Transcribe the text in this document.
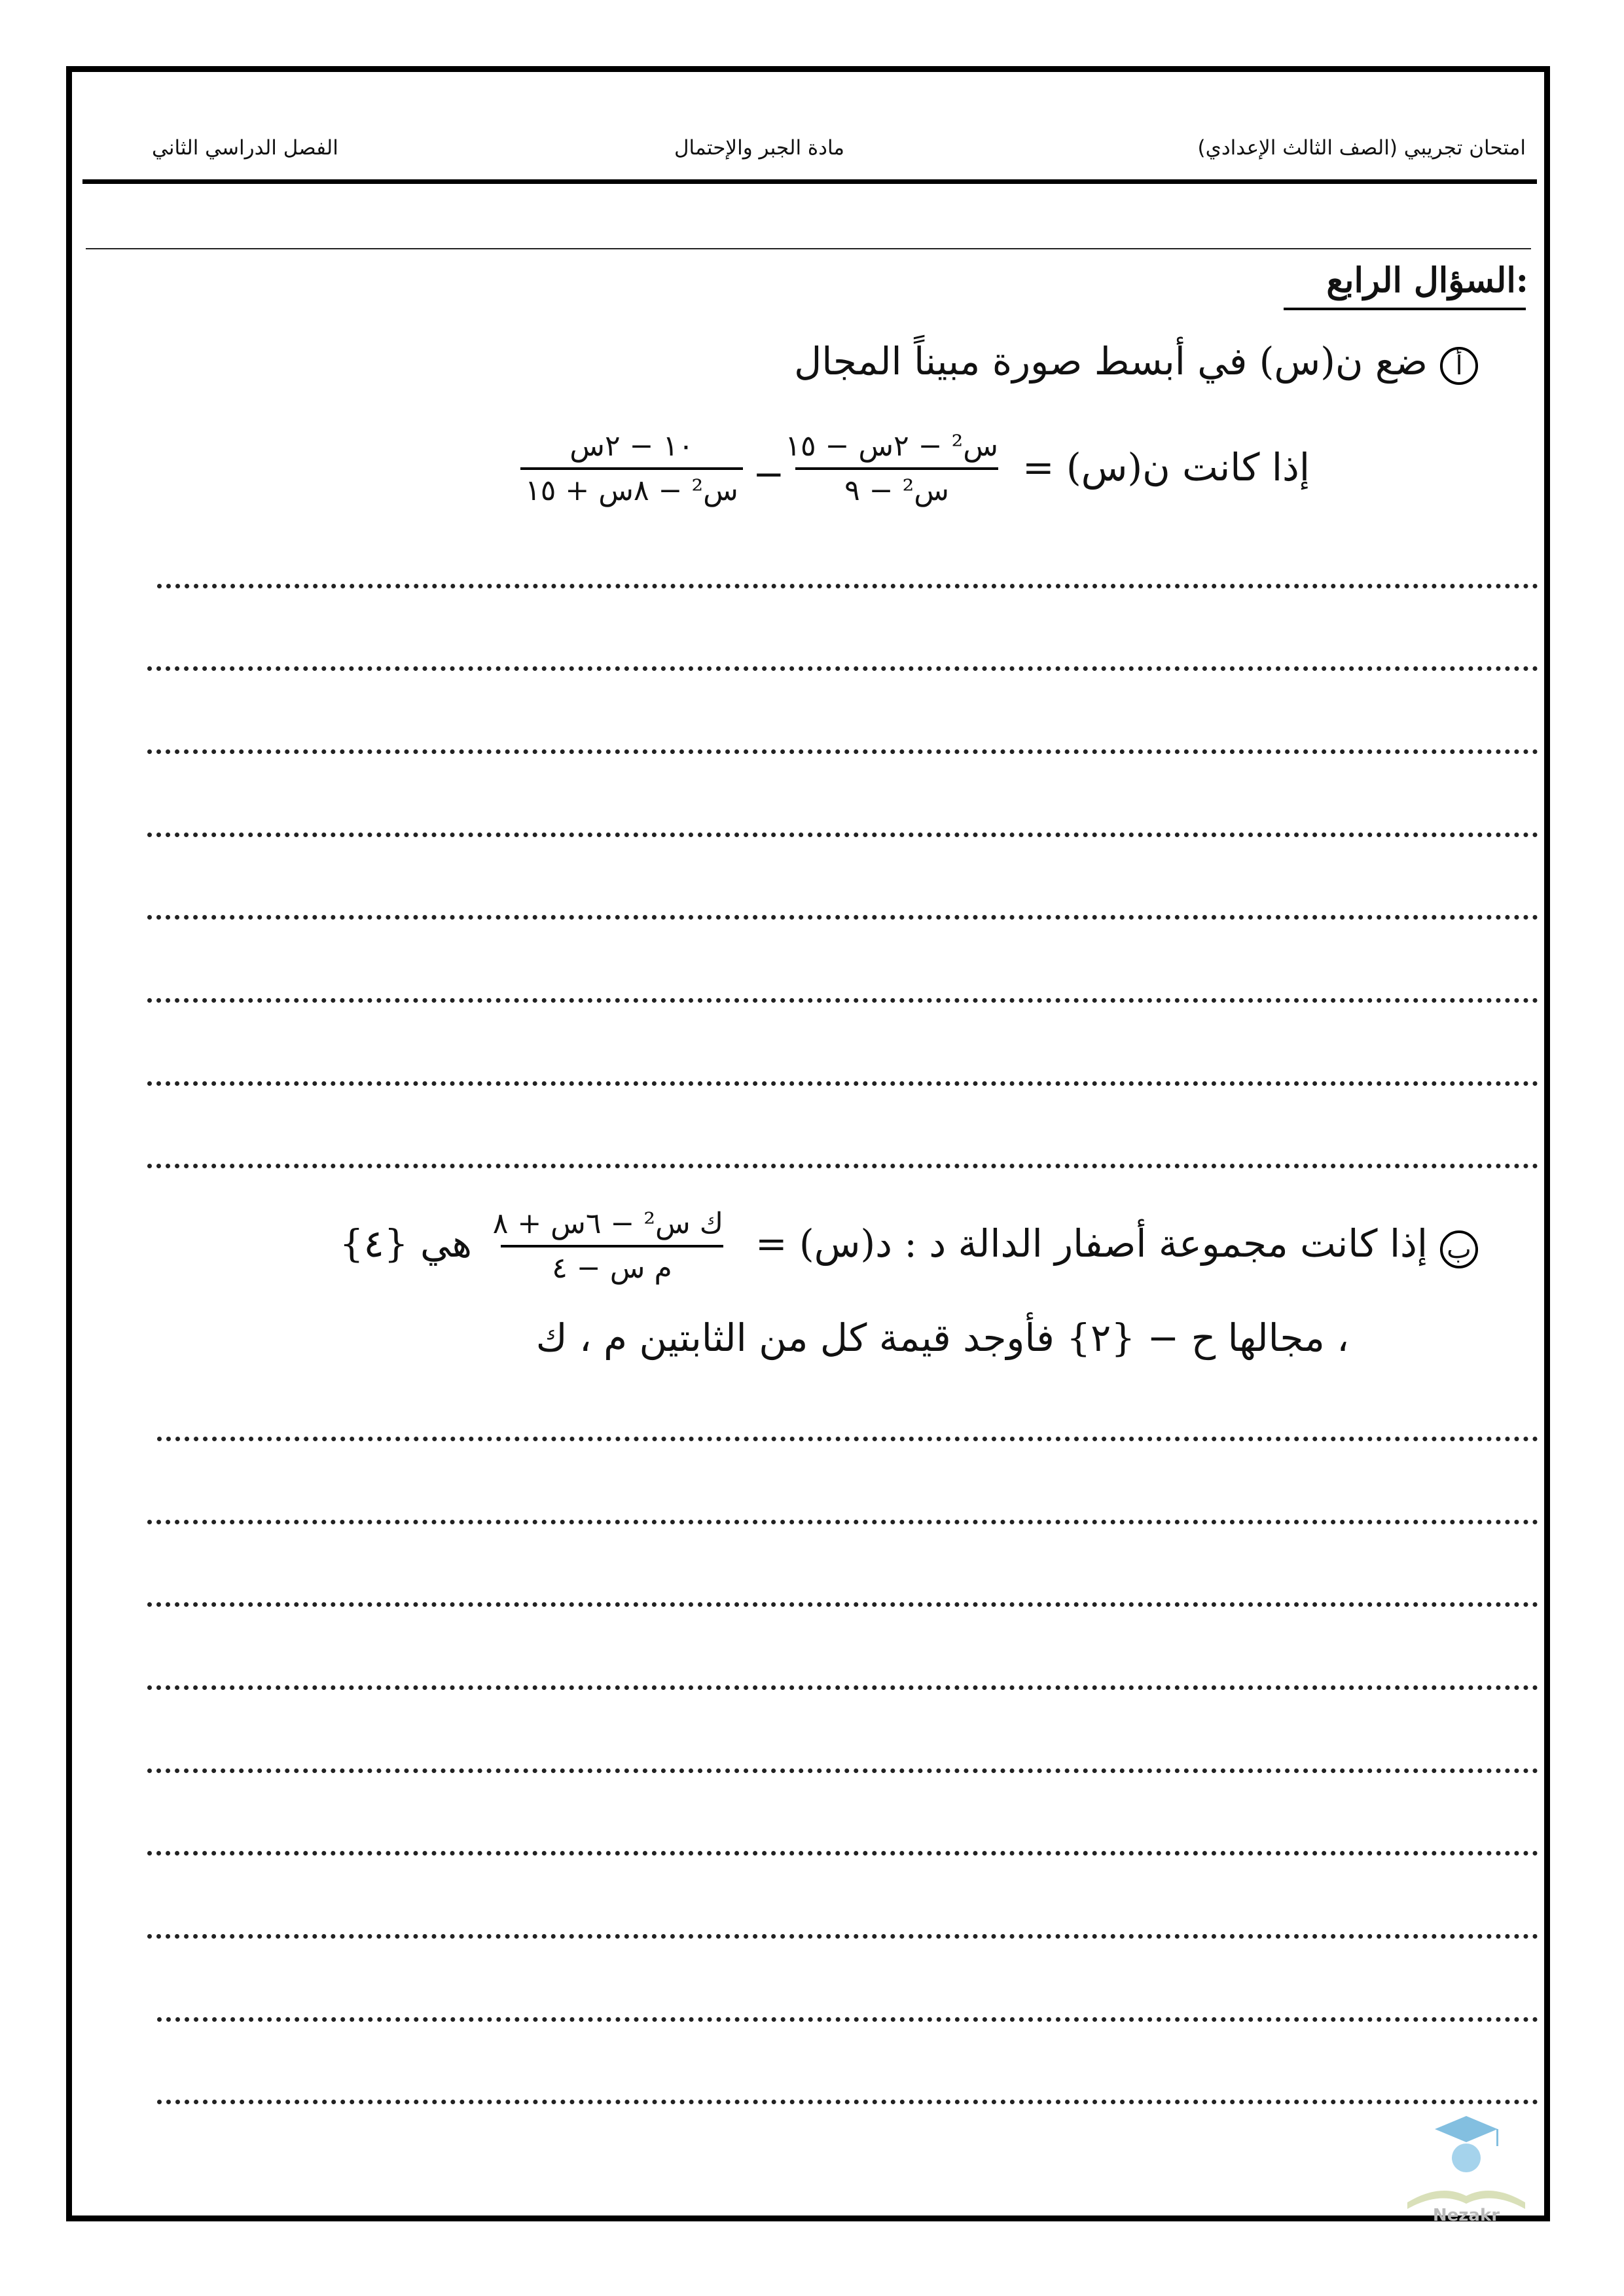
امتحان تجريبي (الصف الثالث الإعدادي)
مادة الجبر والإحتمال
الفصل الدراسي الثاني
السؤال الرابع:
أ
ضع ن(س) في أبسط صورة مبيناً المجال
إذا كانت ن(س) =
س² − ٢س − ١٥
س² − ٩
−
١٠ − ٢س
س² − ٨س + ١٥
ب
إذا كانت مجموعة أصفار الدالة د : د(س) =
ك س² − ٦س + ٨
م س − ٤
هي {٤}
، مجالها ح − {٢} فأوجد قيمة كل من الثابتين م ، ك
Nezakr
